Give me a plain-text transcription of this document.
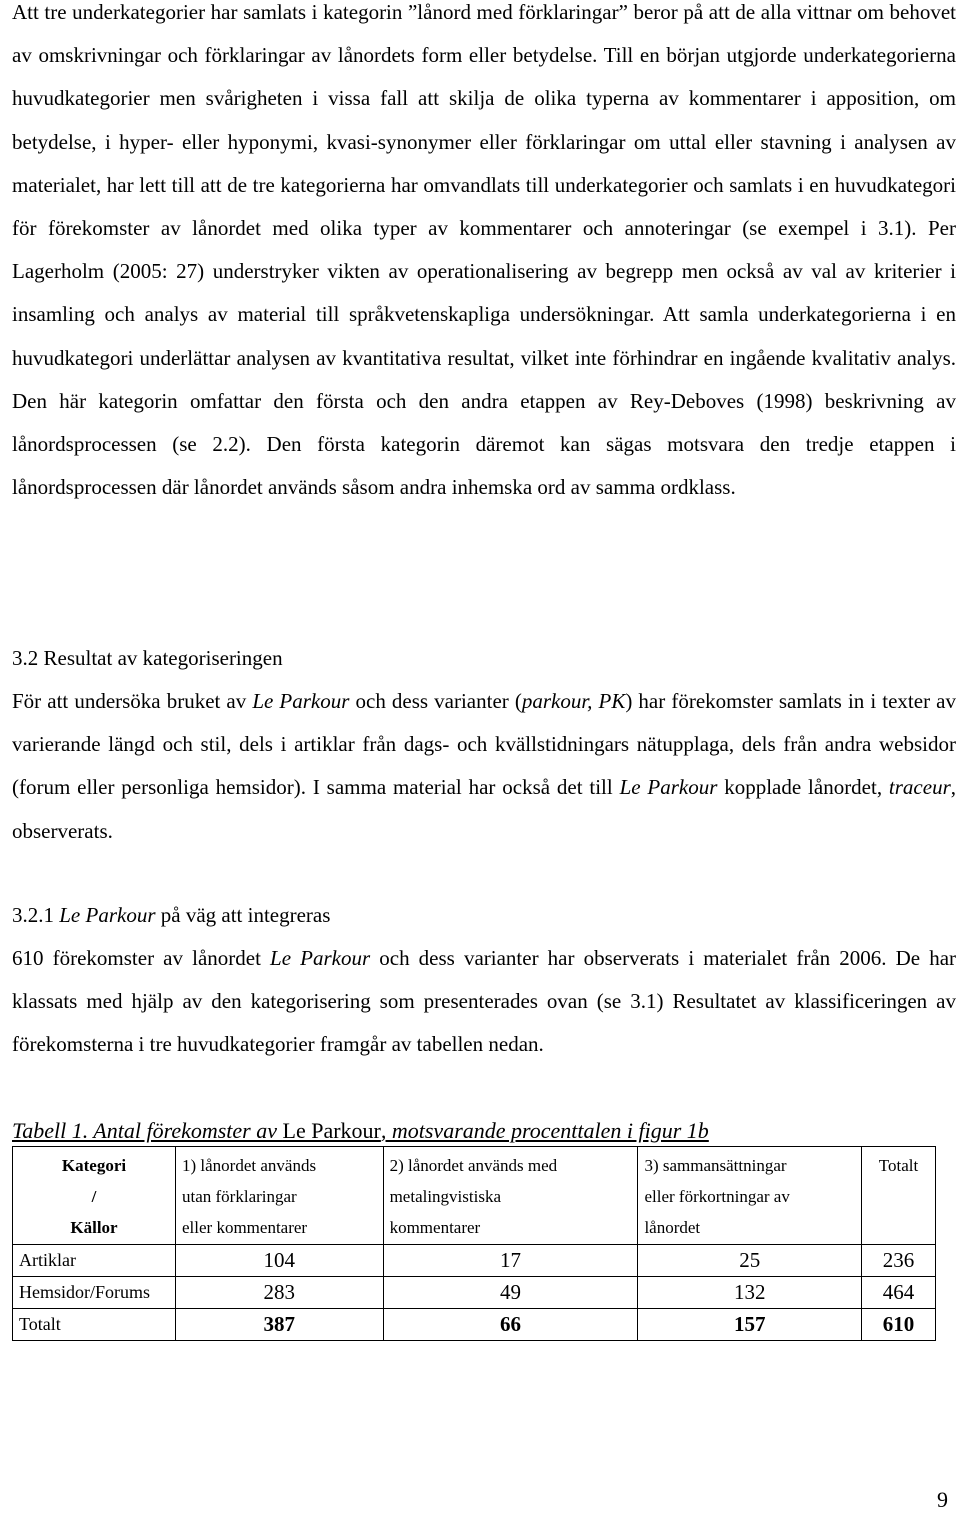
Att tre underkategorier har samlats i kategorin ”lånord med förklaringar” beror på att de alla vittnar om behovet av omskrivningar och förklaringar av lånordets form eller betydelse. Till en början utgjorde underkategorierna huvudkategorier men svårigheten i vissa fall att skilja de olika typerna av kommentarer i apposition, om betydelse, i hyper- eller hyponymi, kvasi-synonymer eller förklaringar om uttal eller stavning i analysen av materialet, har lett till att de tre kategorierna har omvandlats till underkategorier och samlats i en huvudkategori för förekomster av lånordet med olika typer av kommentarer och annoteringar (se exempel i 3.1). Per Lagerholm (2005: 27) understryker vikten av operationalisering av begrepp men också av val av kriterier i insamling och analys av material till språkvetenskapliga undersökningar. Att samla underkategorierna i en huvudkategori underlättar analysen av kvantitativa resultat, vilket inte förhindrar en ingående kvalitativ analys. Den här kategorin omfattar den första och den andra etappen av Rey-Deboves (1998) beskrivning av lånordsprocessen (se 2.2). Den första kategorin däremot kan sägas motsvara den tredje etappen i lånordsprocessen där lånordet används såsom andra inhemska ord av samma ordklass.

3.2 Resultat av kategoriseringen

För att undersöka bruket av Le Parkour och dess varianter (parkour, PK) har förekomster samlats in i texter av varierande längd och stil, dels i artiklar från dags- och kvällstidningars nätupplaga, dels från andra websidor (forum eller personliga hemsidor). I samma material har också det till Le Parkour kopplade lånordet, traceur, observerats.

3.2.1 Le Parkour på väg att integreras

610 förekomster av lånordet Le Parkour och dess varianter har observerats i materialet från 2006. De har klassats med hjälp av den kategorisering som presenterades ovan (se 3.1) Resultatet av klassificeringen av förekomsterna i tre huvudkategorier framgår av tabellen nedan.

Tabell 1. Antal förekomster av Le Parkour, motsvarande procenttalen i figur 1b

Kategori
/
Källor	1) lånordet används
utan förklaringar
eller kommentarer	2) lånordet används med
metalingvistiska
kommentarer	3) sammansättningar
eller förkortningar av
lånordet	Totalt
Artiklar	104	17	25	236
Hemsidor/Forums	283	49	132	464
Totalt	387	66	157	610
9
